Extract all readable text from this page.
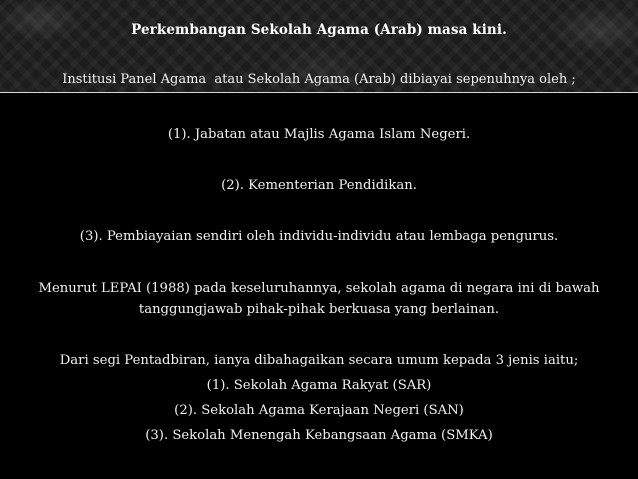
Perkembangan Sekolah Agama (Arab) masa kini.
Institusi Panel Agama  atau Sekolah Agama (Arab) dibiayai sepenuhnya oleh ;
(1). Jabatan atau Majlis Agama Islam Negeri.
(2). Kementerian Pendidikan.
(3). Pembiayaian sendiri oleh individu-individu atau lembaga pengurus.
Menurut LEPAI (1988) pada keseluruhannya, sekolah agama di negara ini di bawah
tanggungjawab pihak-pihak berkuasa yang berlainan.
Dari segi Pentadbiran, ianya dibahagaikan secara umum kepada 3 jenis iaitu;
(1). Sekolah Agama Rakyat (SAR)
(2). Sekolah Agama Kerajaan Negeri (SAN)
(3). Sekolah Menengah Kebangsaan Agama (SMKA)
